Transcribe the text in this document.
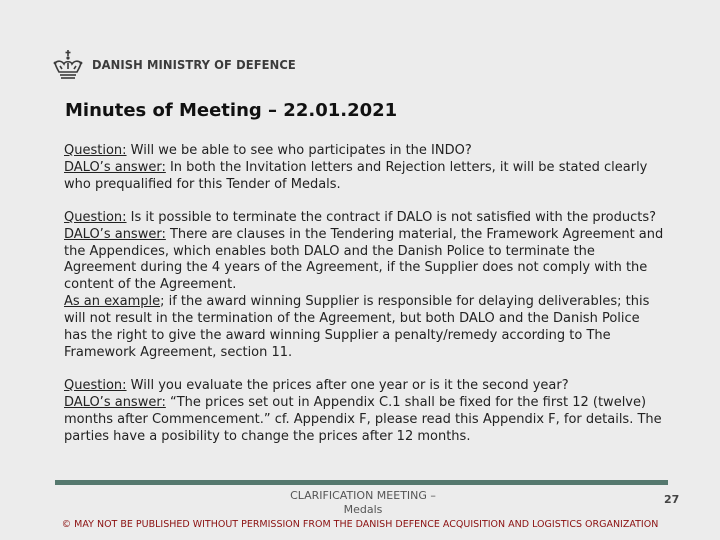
DANISH MINISTRY OF DEFENCE
Minutes of Meeting – 22.01.2021

Question: Will we be able to see who participates in the INDO?

DALO’s answer: In both the Invitation letters and Rejection letters, it will be stated clearly who prequalified for this Tender of Medals.

Question: Is it possible to terminate the contract if DALO is not satisfied with the products?

DALO’s answer: There are clauses in the Tendering material, the Framework Agreement and the Appendices, which enables both DALO and the Danish Police to terminate the Agreement during the 4 years of the Agreement, if the Supplier does not comply with the content of the Agreement.

As an example; if the award winning Supplier is responsible for delaying deliverables; this will not result in the termination of the Agreement, but both DALO and the Danish Police has the right to give the award winning Supplier a penalty/remedy according to The Framework Agreement, section 11.

Question: Will you evaluate the prices after one year or is it the second year?

DALO’s answer: “The prices set out in Appendix C.1 shall be fixed for the first 12 (twelve) months after Commencement.” cf. Appendix F, please read this Appendix F, for details. The parties have a posibility to change the prices after 12 months.

CLARIFICATION MEETING –
Medals
27
© MAY NOT BE PUBLISHED WITHOUT PERMISSION FROM THE DANISH DEFENCE ACQUISITION AND LOGISTICS ORGANIZATION
